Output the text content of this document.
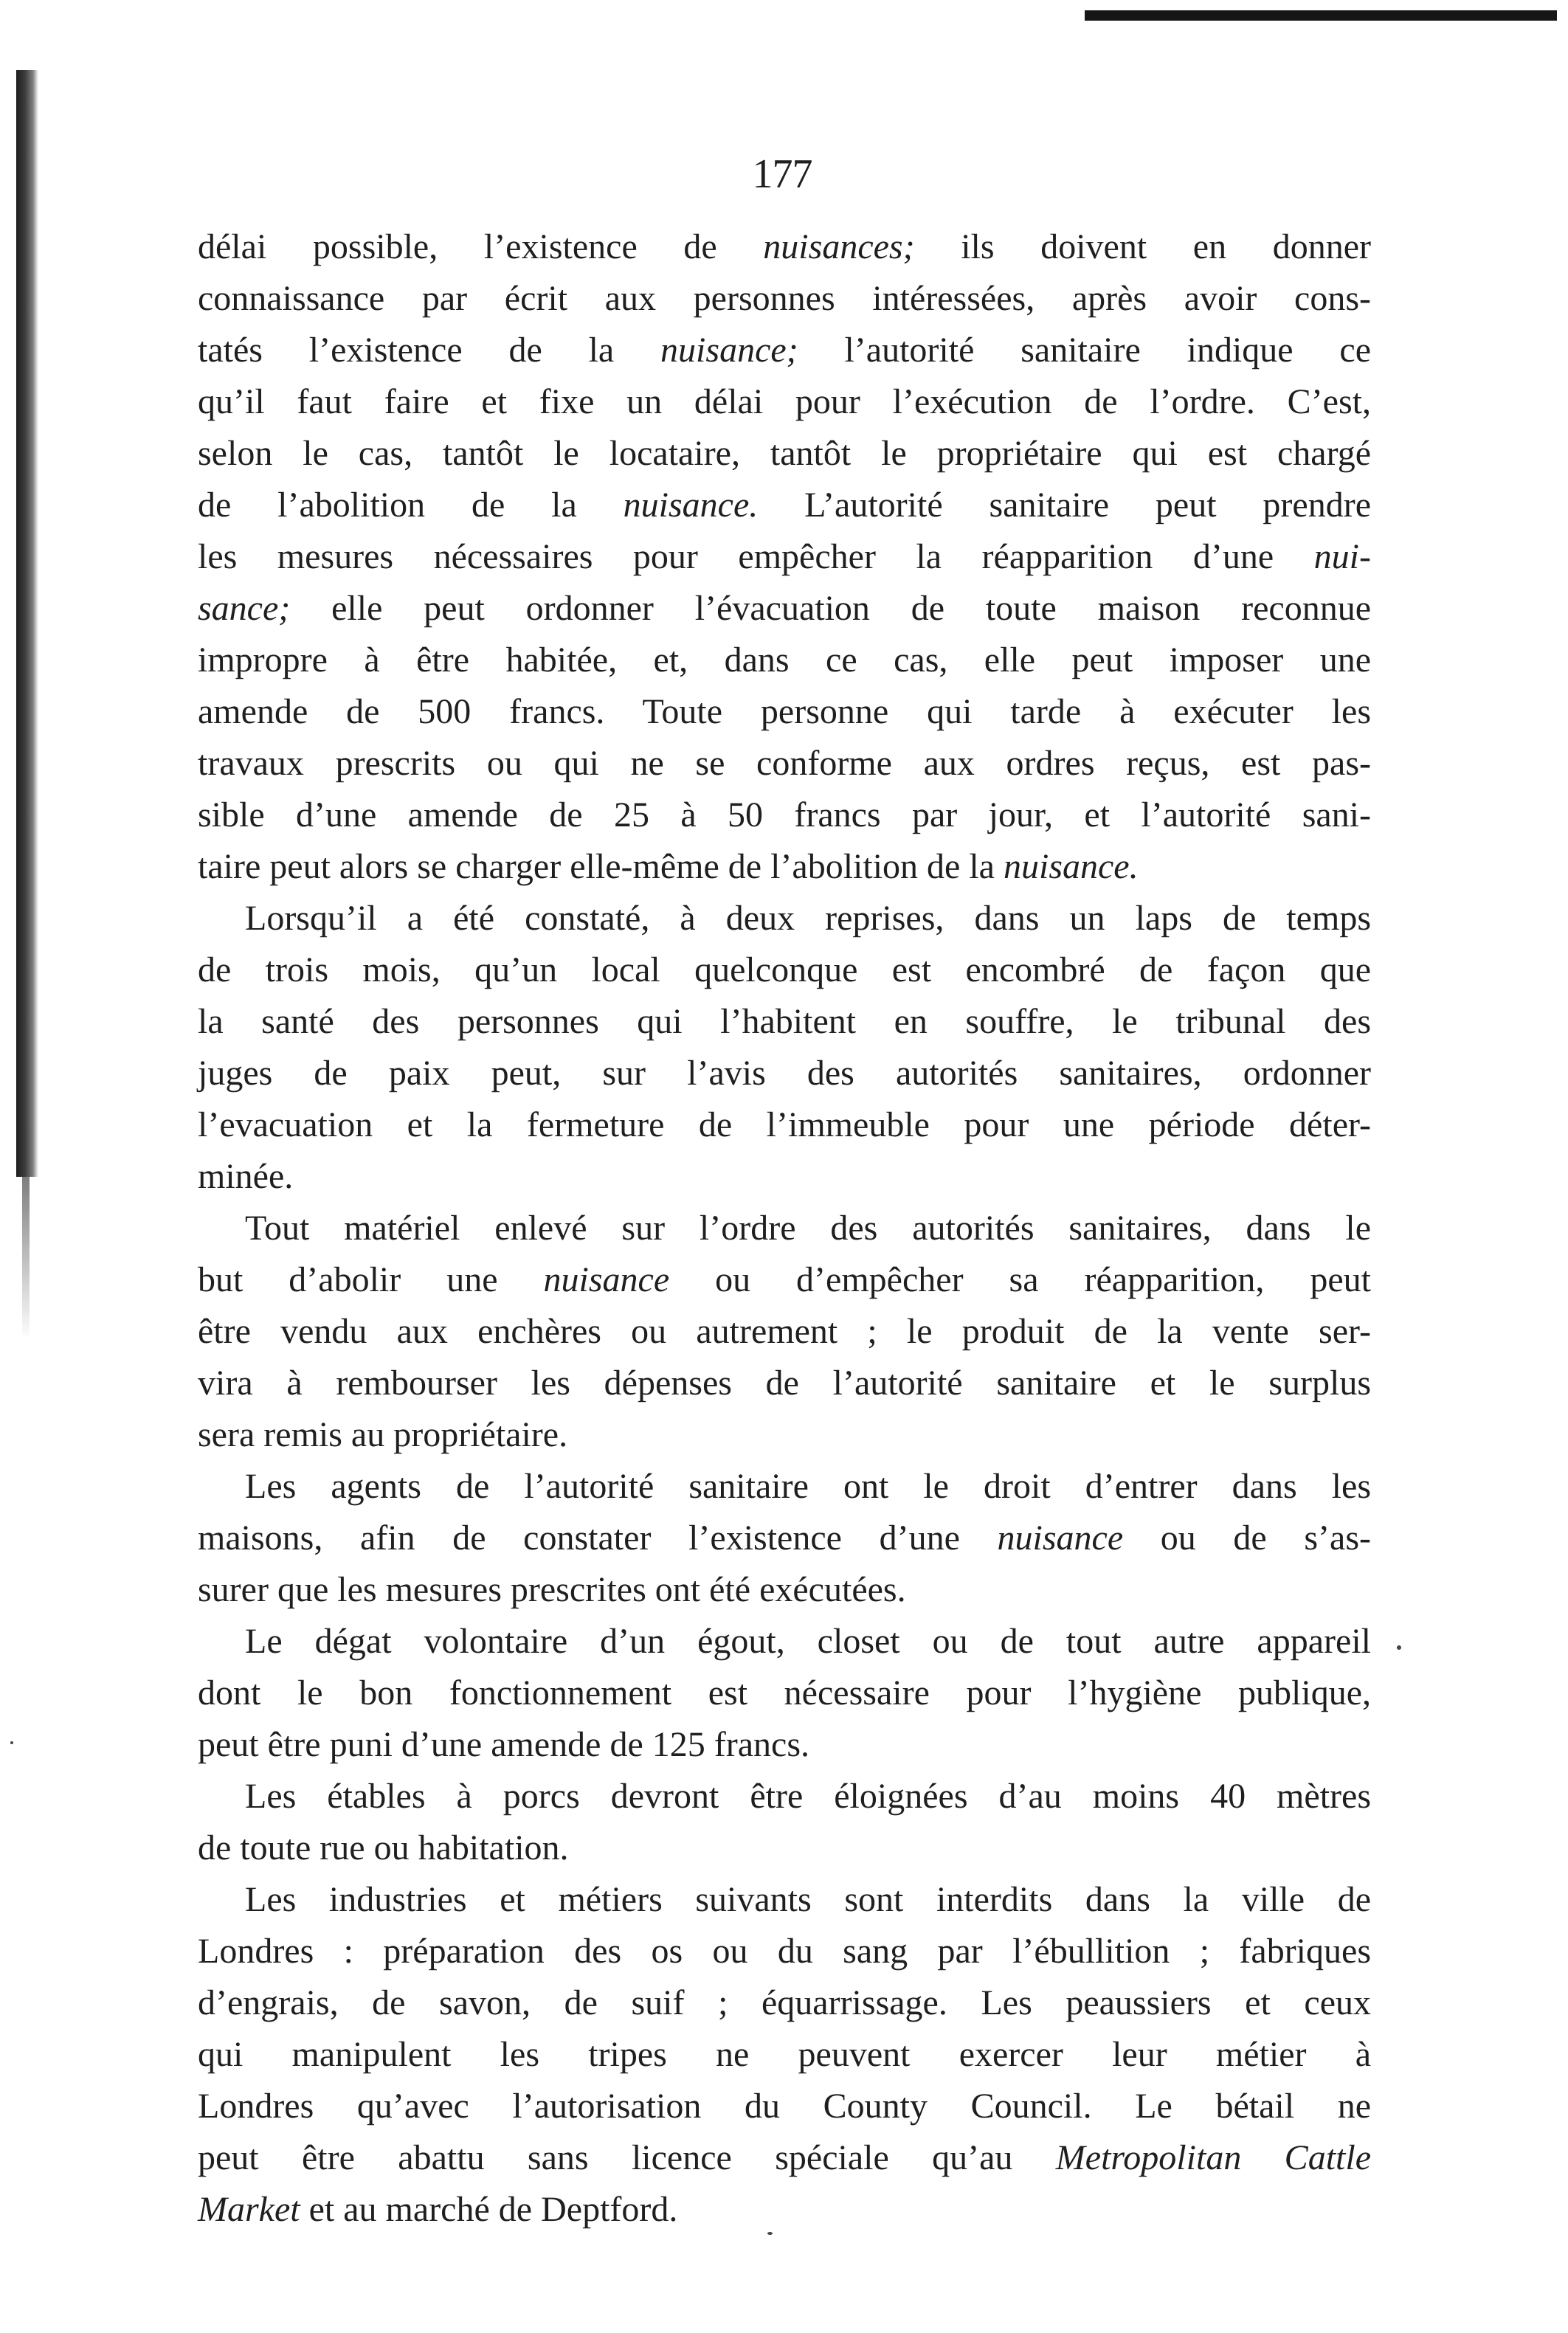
177
délai possible, l’existence de nuisances; ils doivent en donner
connaissance par écrit aux personnes intéressées, après avoir cons-
tatés l’existence de la nuisance; l’autorité sanitaire indique ce
qu’il faut faire et fixe un délai pour l’exécution de l’ordre. C’est,
selon le cas, tantôt le locataire, tantôt le propriétaire qui est chargé
de l’abolition de la nuisance. L’autorité sanitaire peut prendre
les mesures nécessaires pour empêcher la réapparition d’une nui-
sance; elle peut ordonner l’évacuation de toute maison reconnue
impropre à être habitée, et, dans ce cas, elle peut imposer une
amende de 500 francs. Toute personne qui tarde à exécuter les
travaux prescrits ou qui ne se conforme aux ordres reçus, est pas-
sible d’une amende de 25 à 50 francs par jour, et l’autorité sani-
taire peut alors se charger elle-même de l’abolition de la nuisance.
Lorsqu’il a été constaté, à deux reprises, dans un laps de temps
de trois mois, qu’un local quelconque est encombré de façon que
la santé des personnes qui l’habitent en souffre, le tribunal des
juges de paix peut, sur l’avis des autorités sanitaires, ordonner
l’evacuation et la fermeture de l’immeuble pour une période déter-
minée.
Tout matériel enlevé sur l’ordre des autorités sanitaires, dans le
but d’abolir une nuisance ou d’empêcher sa réapparition, peut
être vendu aux enchères ou autrement ; le produit de la vente ser-
vira à rembourser les dépenses de l’autorité sanitaire et le surplus
sera remis au propriétaire.
Les agents de l’autorité sanitaire ont le droit d’entrer dans les
maisons, afin de constater l’existence d’une nuisance ou de s’as-
surer que les mesures prescrites ont été exécutées.
Le dégat volontaire d’un égout, closet ou de tout autre appareil
dont le bon fonctionnement est nécessaire pour l’hygiène publique,
peut être puni d’une amende de 125 francs.
Les étables à porcs devront être éloignées d’au moins 40 mètres
de toute rue ou habitation.
Les industries et métiers suivants sont interdits dans la ville de
Londres : préparation des os ou du sang par l’ébullition ; fabriques
d’engrais, de savon, de suif ; équarrissage. Les peaussiers et ceux
qui manipulent les tripes ne peuvent exercer leur métier à
Londres qu’avec l’autorisation du County Council. Le bétail ne
peut être abattu sans licence spéciale qu’au Metropolitan Cattle
Market et au marché de Deptford.
